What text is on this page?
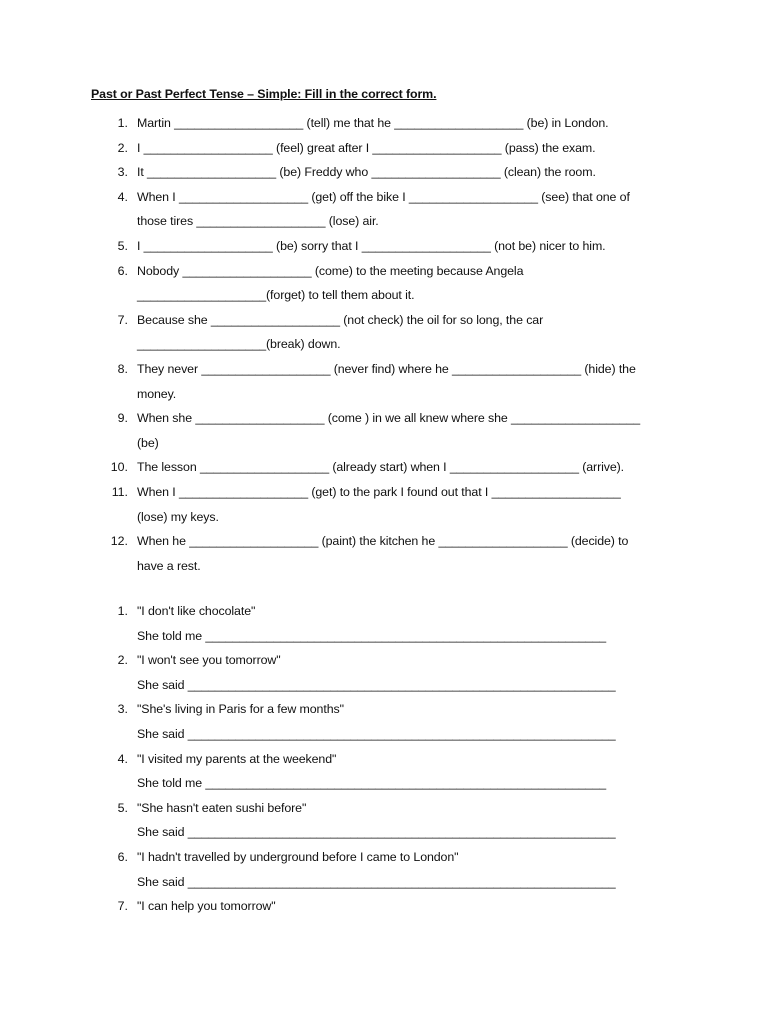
Past or Past Perfect Tense – Simple: Fill in the correct form.
1. Martin ___________________ (tell) me that he ___________________ (be) in London.
2. I ___________________ (feel) great after I ___________________ (pass) the exam.
3. It ___________________ (be) Freddy who ___________________ (clean) the room.
4. When I ___________________ (get) off the bike I ___________________ (see) that one of
those tires ___________________ (lose) air.
5. I ___________________ (be) sorry that I ___________________ (not be) nicer to him.
6. Nobody ___________________ (come) to the meeting because Angela
___________________(forget) to tell them about it.
7. Because she ___________________ (not check) the oil for so long, the car
___________________(break) down.
8. They never ___________________ (never find) where he ___________________ (hide) the
money.
9. When she ___________________ (come ) in we all knew where she ___________________
(be)
10. The lesson ___________________ (already start) when I ___________________ (arrive).
11. When I ___________________ (get) to the park I found out that I ___________________
(lose) my keys.
12. When he ___________________ (paint) the kitchen he ___________________ (decide) to
have a rest.
1. "I don't like chocolate"
She told me ___________________________________________________________
2. "I won't see you tomorrow"
She said _______________________________________________________________
3. "She's living in Paris for a few months"
She said _______________________________________________________________
4. "I visited my parents at the weekend"
She told me ___________________________________________________________
5. "She hasn't eaten sushi before"
She said _______________________________________________________________
6. "I hadn't travelled by underground before I came to London"
She said _______________________________________________________________
7. "I can help you tomorrow"
